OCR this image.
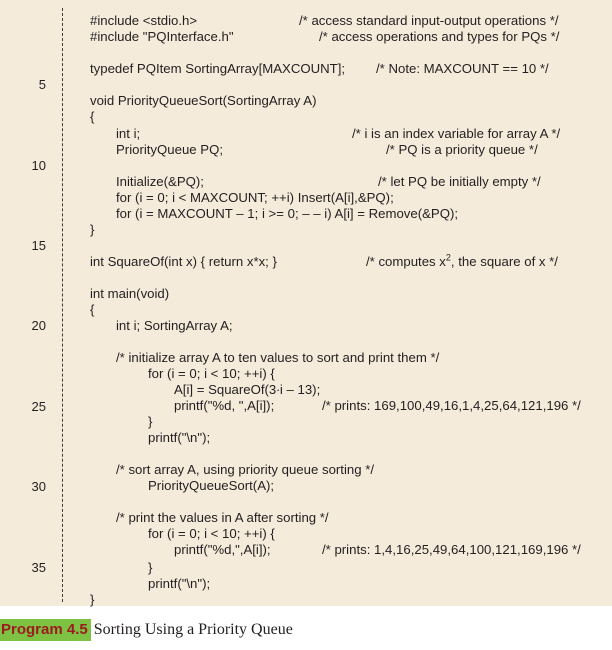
5
10
15
20
25
30
35
#include <stdio.h>	/* access standard input-output operations */
#include "PQInterface.h"	/* access operations and types for PQs */
typedef PQItem SortingArray[MAXCOUNT]; /* Note: MAXCOUNT == 10 */
void PriorityQueueSort(SortingArray A)
{
int i;	/* i is an index variable for array A */
PriorityQueue PQ;	/* PQ is a priority queue */
Initialize(&PQ);	/* let PQ be initially empty */
for (i = 0; i < MAXCOUNT; ++i) Insert(A[i],&PQ);
for (i = MAXCOUNT – 1; i >= 0; – – i) A[i] = Remove(&PQ);
}
int SquareOf(int x) { return x*x; }	/* computes $x^2$, the square of x */
int main(void)
{
int i; SortingArray A;
/* initialize array A to ten values to sort and print them */
for (i = 0; i < 10; ++i) {
A[i] = SquareOf(3∙i – 13);
printf("%d, ",A[i]);	/* prints: 169,100,49,16,1,4,25,64,121,196 */
}
printf("\n");
/* sort array A, using priority queue sorting */
PriorityQueueSort(A);
/* print the values in A after sorting */
for (i = 0; i < 10; ++i) {
printf("%d,",A[i]);	/* prints: 1,4,16,25,49,64,100,121,169,196 */
}
printf("\n");
}
Program 4.5 Sorting Using a Priority Queue
